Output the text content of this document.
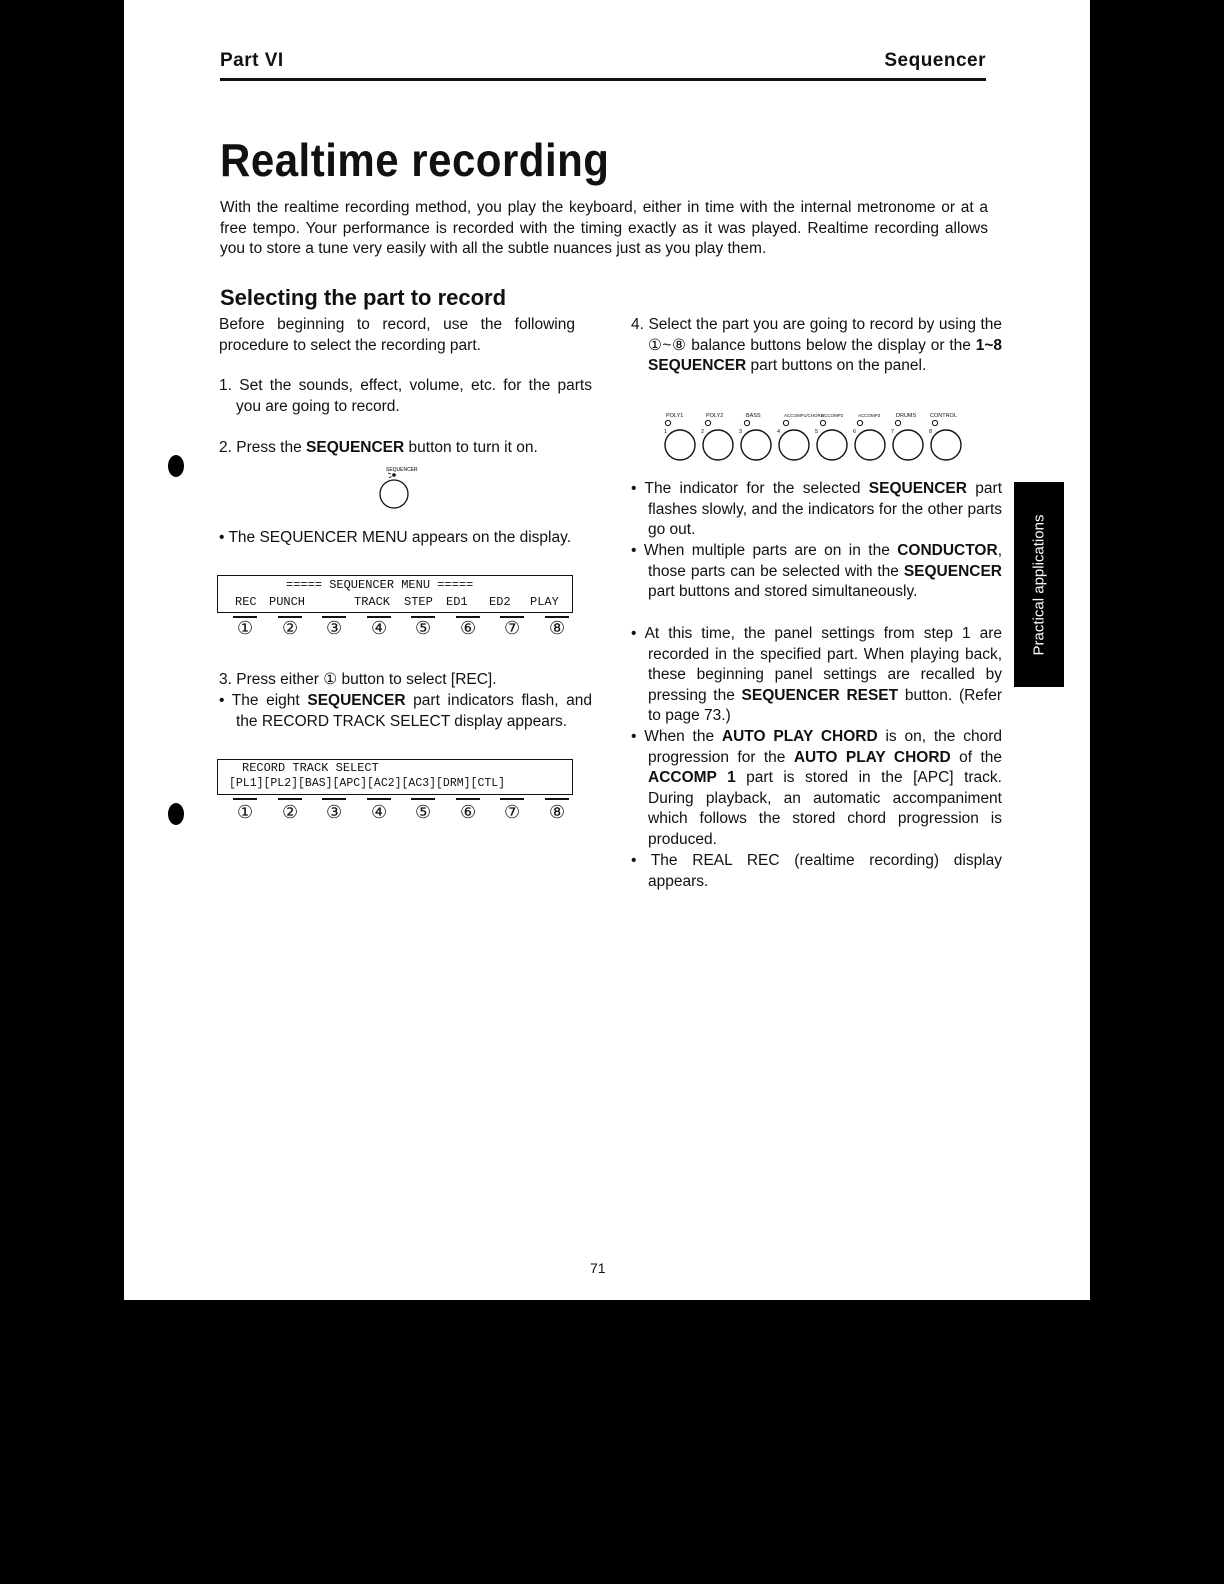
Part VI	Sequencer
Realtime recording
With the realtime recording method, you play the keyboard, either in time with the internal metronome or at a free tempo. Your performance is recorded with the timing exactly as it was played. Realtime recording allows you to store a tune very easily with all the subtle nuances just as you play them.
Selecting the part to record
Before beginning to record, use the following procedure to select the recording part.
1. Set the sounds, effect, volume, etc. for the parts you are going to record.
2. Press the SEQUENCER button to turn it on.
SEQUENCER
• The SEQUENCER MENU appears on the display.
===== SEQUENCER MENU =====
REC PUNCH	TRACK STEP ED1 ED2 PLAY
① ② ③ ④ ⑤ ⑥ ⑦ ⑧
3. Press either ① button to select [REC].
• The eight SEQUENCER part indicators flash, and the RECORD TRACK SELECT display appears.
RECORD TRACK SELECT
[PL1][PL2][BAS][APC][AC2][AC3][DRM][CTL]
① ② ③ ④ ⑤ ⑥ ⑦ ⑧
4. Select the part you are going to record by using the ①~⑧ balance buttons below the display or the 1~8 SEQUENCER part buttons on the panel.
POLY1	POLY2	BASS	ACCOMP1/CHORD
ACCOMP2	ACCOMP3	DRUMS	CONTROL
1	2	3	4	5	6	7	8
• The indicator for the selected SEQUENCER part flashes slowly, and the indicators for the other parts go out.
• When multiple parts are on in the CONDUCTOR, those parts can be selected with the SEQUENCER part buttons and stored simultaneously.
• At this time, the panel settings from step 1 are recorded in the specified part. When playing back, these beginning panel settings are recalled by pressing the SEQUENCER RESET button. (Refer to page 73.)
• When the AUTO PLAY CHORD is on, the chord progression for the AUTO PLAY CHORD of the ACCOMP 1 part is stored in the [APC] track. During playback, an automatic accompaniment which follows the stored chord progression is produced.
• The REAL REC (realtime recording) display appears.
Practical applications
71
